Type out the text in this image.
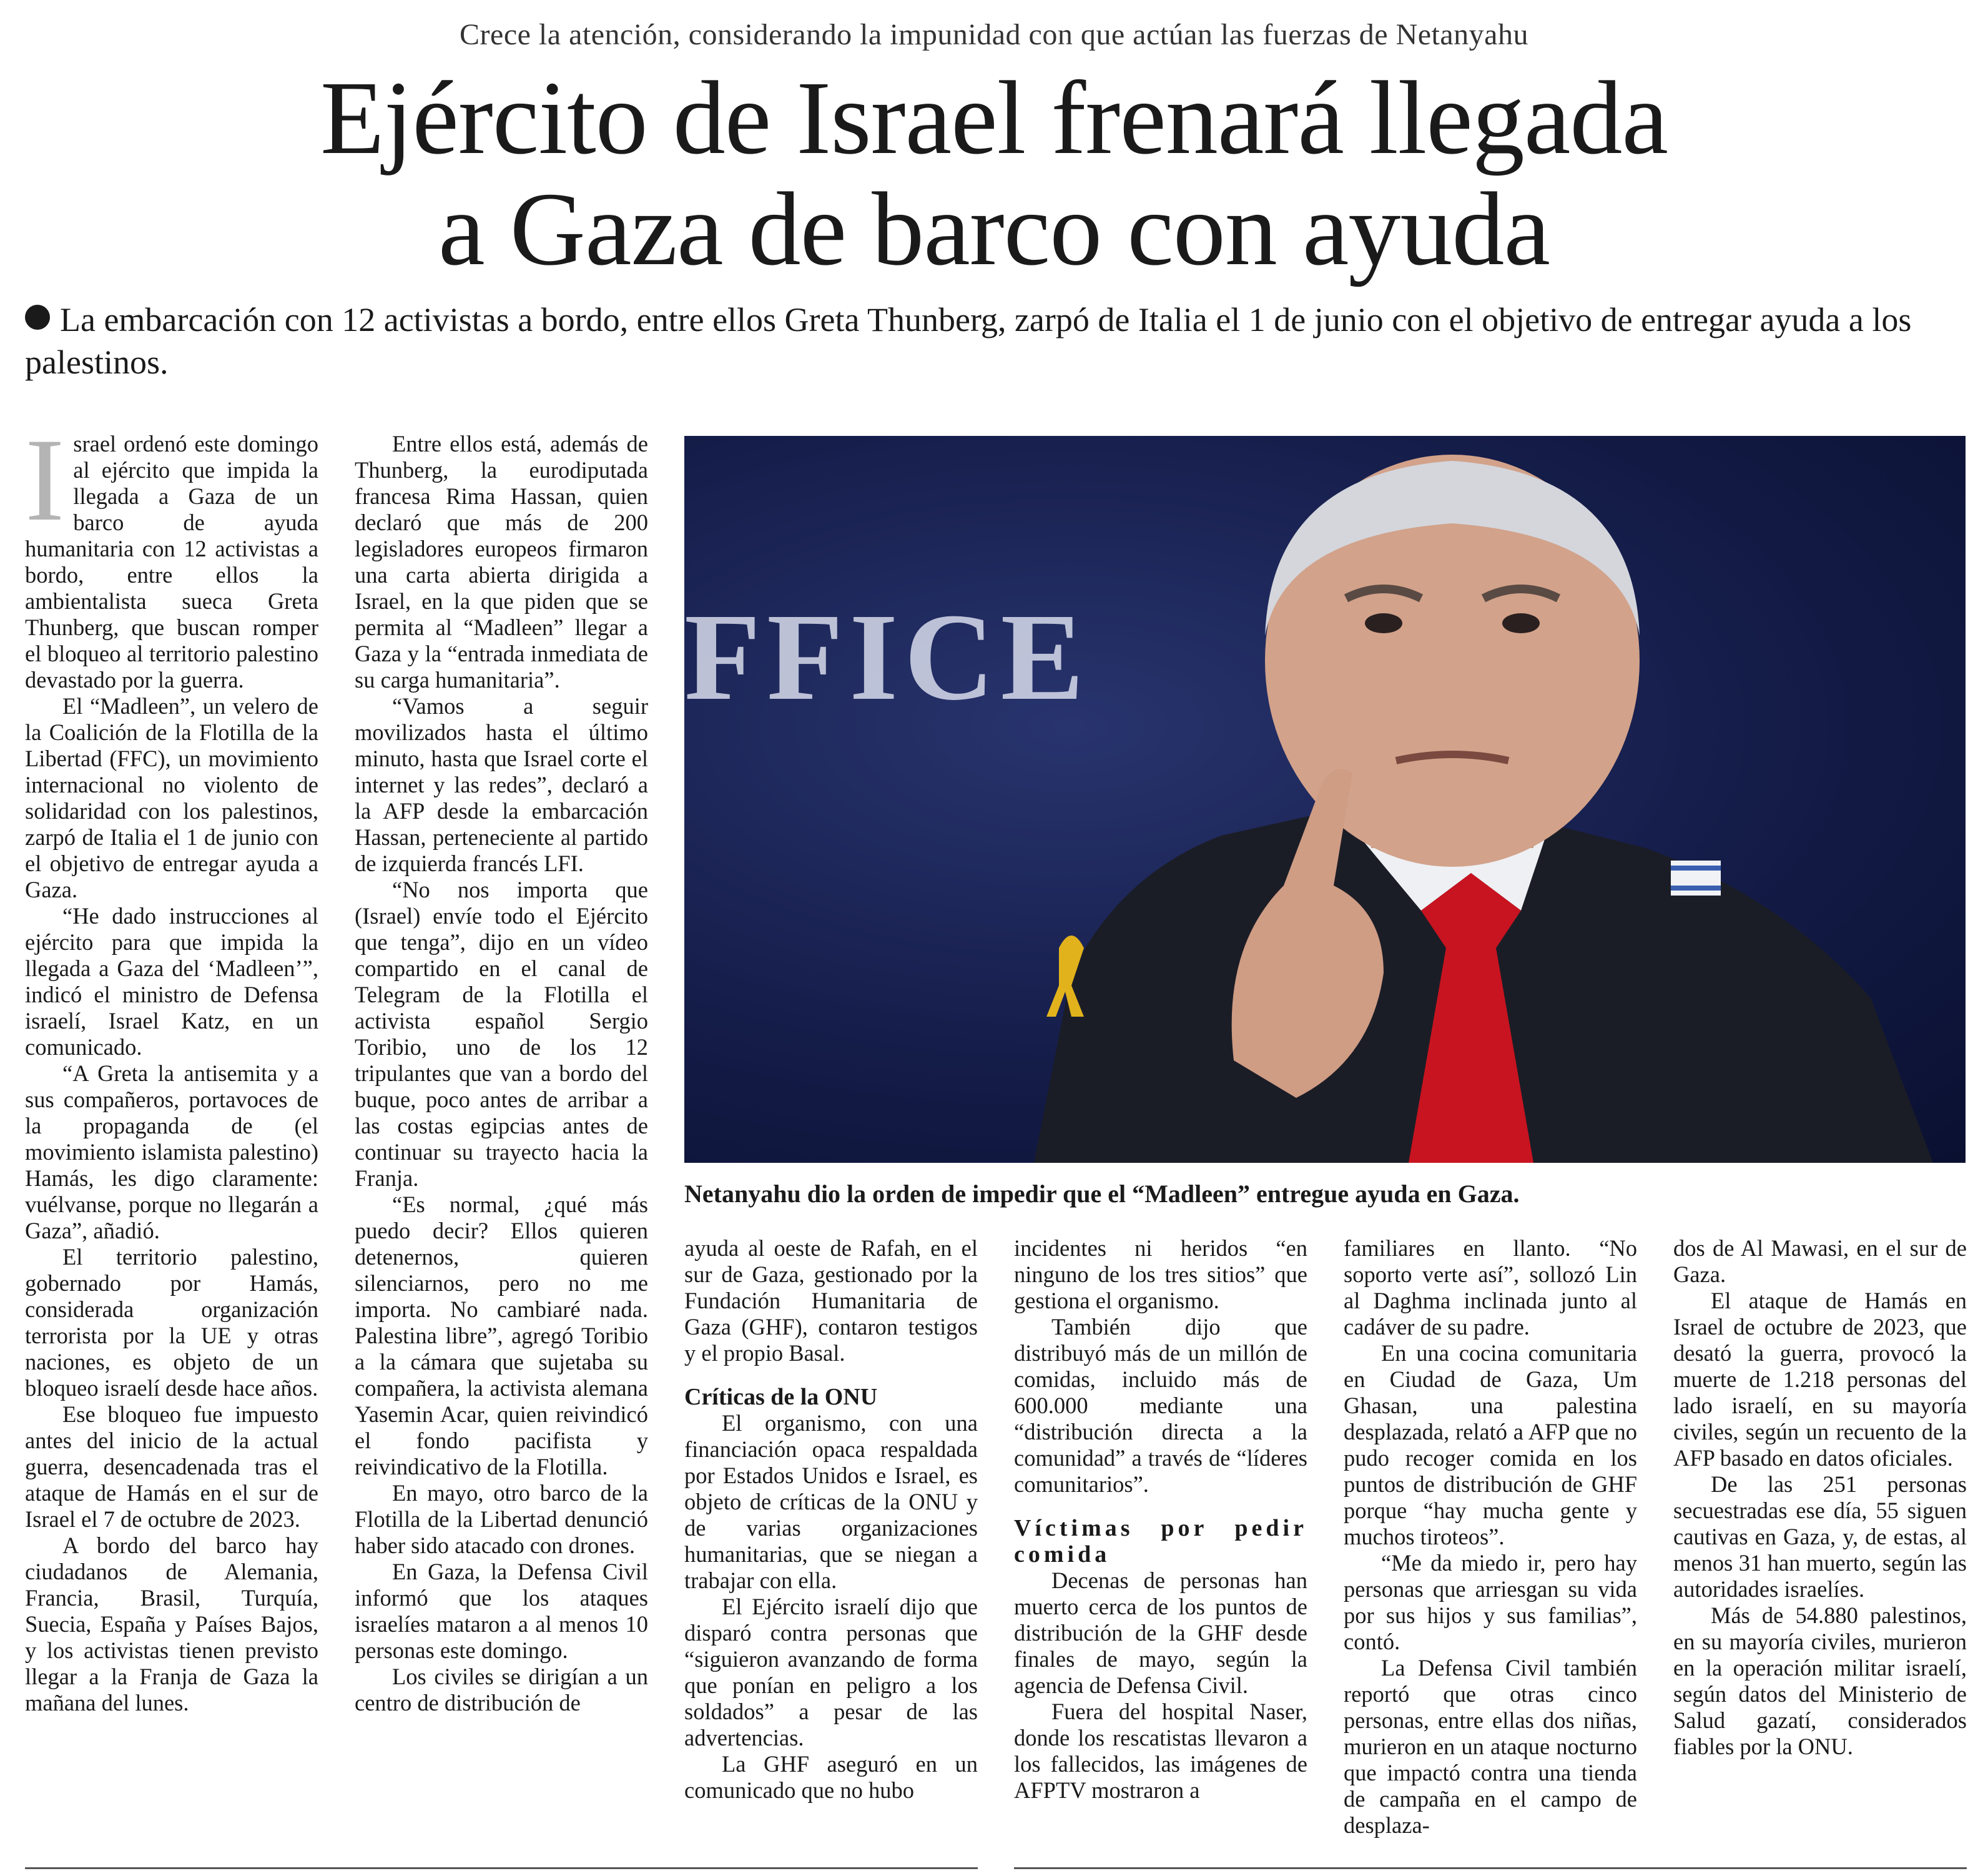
Crece la atención, considerando la impunidad con que actúan las fuerzas de Netanyahu
Ejército de Israel frenará llegada
a Gaza de barco con ayuda
La embarcación con 12 activistas a bordo, entre ellos Greta Thunberg, zarpó de Italia el 1 de junio con el objetivo de entregar ayuda a los palestinos.

Israel ordenó este domingo al ejército que impida la llegada a Gaza de un barco de ayuda humanitaria con 12 activistas a bordo, entre ellos la ambientalista sueca Greta Thunberg, que buscan romper el bloqueo al territorio palestino devastado por la guerra.

El “Madleen”, un velero de la Coalición de la Flotilla de la Libertad (FFC), un movimiento internacional no violento de solidaridad con los palestinos, zarpó de Italia el 1 de junio con el objetivo de entregar ayuda a Gaza.

“He dado instrucciones al ejército para que impida la llegada a Gaza del ‘Madleen’”, indicó el ministro de Defensa israelí, Israel Katz, en un comunicado.

“A Greta la antisemita y a sus compañeros, portavoces de la propaganda de (el movimiento islamista palestino) Hamás, les digo claramente: vuélvanse, porque no llegarán a Gaza”, añadió.

El territorio palestino, gobernado por Hamás, considerada organización terrorista por la UE y otras naciones, es objeto de un bloqueo israelí desde hace años.

Ese bloqueo fue impuesto antes del inicio de la actual guerra, desencadenada tras el ataque de Hamás en el sur de Israel el 7 de octubre de 2023.

A bordo del barco hay ciudadanos de Alemania, Francia, Brasil, Turquía, Suecia, España y Países Bajos, y los activistas tienen previsto llegar a la Franja de Gaza la mañana del lunes.

Entre ellos está, además de Thunberg, la eurodiputada francesa Rima Hassan, quien declaró que más de 200 legisladores europeos firmaron una carta abierta dirigida a Israel, en la que piden que se permita al “Madleen” llegar a Gaza y la “entrada inmediata de su carga humanitaria”.

“Vamos a seguir movilizados hasta el último minuto, hasta que Israel corte el internet y las redes”, declaró a la AFP desde la embarcación Hassan, perteneciente al partido de izquierda francés LFI.

“No nos importa que (Israel) envíe todo el Ejército que tenga”, dijo en un vídeo compartido en el canal de Telegram de la Flotilla el activista español Sergio Toribio, uno de los 12 tripulantes que van a bordo del buque, poco antes de arribar a las costas egipcias antes de continuar su trayecto hacia la Franja.

“Es normal, ¿qué más puedo decir? Ellos quieren detenernos, quieren silenciarnos, pero no me importa. No cambiaré nada. Palestina libre”, agregó Toribio a la cámara que sujetaba su compañera, la activista alemana Yasemin Acar, quien reivindicó el fondo pacifista y reivindicativo de la Flotilla.

En mayo, otro barco de la Flotilla de la Libertad denunció haber sido atacado con drones.

En Gaza, la Defensa Civil informó que los ataques israelíes mataron a al menos 10 personas este domingo.

Los civiles se dirigían a un centro de distribución de

FFICE
Netanyahu dio la orden de impedir que el “Madleen” entregue ayuda en Gaza.

ayuda al oeste de Rafah, en el sur de Gaza, gestionado por la Fundación Humanitaria de Gaza (GHF), contaron testigos y el propio Basal.

Críticas de la ONU

El organismo, con una financiación opaca respaldada por Estados Unidos e Israel, es objeto de críticas de la ONU y de varias organizaciones humanitarias, que se niegan a trabajar con ella.

El Ejército israelí dijo que disparó contra personas que “siguieron avanzando de forma que ponían en peligro a los soldados” a pesar de las advertencias.

La GHF aseguró en un comunicado que no hubo

incidentes ni heridos “en ninguno de los tres sitios” que gestiona el organismo.

También dijo que distribuyó más de un millón de comidas, incluido más de 600.000 mediante una “distribución directa a la comunidad” a través de “líderes comunitarios”.

Víctimas por pedir comida

Decenas de personas han muerto cerca de los puntos de distribución de la GHF desde finales de mayo, según la agencia de Defensa Civil.

Fuera del hospital Naser, donde los rescatistas llevaron a los fallecidos, las imágenes de AFPTV mostraron a

familiares en llanto. “No soporto verte así”, sollozó Lin al Daghma inclinada junto al cadáver de su padre.

En una cocina comunitaria en Ciudad de Gaza, Um Ghasan, una palestina desplazada, relató a AFP que no pudo recoger comida en los puntos de distribución de GHF porque “hay mucha gente y muchos tiroteos”.

“Me da miedo ir, pero hay personas que arriesgan su vida por sus hijos y sus familias”, contó.

La Defensa Civil también reportó que otras cinco personas, entre ellas dos niñas, murieron en un ataque nocturno que impactó contra una tienda de campaña en el campo de desplaza-

dos de Al Mawasi, en el sur de Gaza.

El ataque de Hamás en Israel de octubre de 2023, que desató la guerra, provocó la muerte de 1.218 personas del lado israelí, en su mayoría civiles, según un recuento de la AFP basado en datos oficiales.

De las 251 personas secuestradas ese día, 55 siguen cautivas en Gaza, y, de estas, al menos 31 han muerto, según las autoridades israelíes.

Más de 54.880 palestinos, en su mayoría civiles, murieron en la operación militar israelí, según datos del Ministerio de Salud gazatí, considerados fiables por la ONU.
